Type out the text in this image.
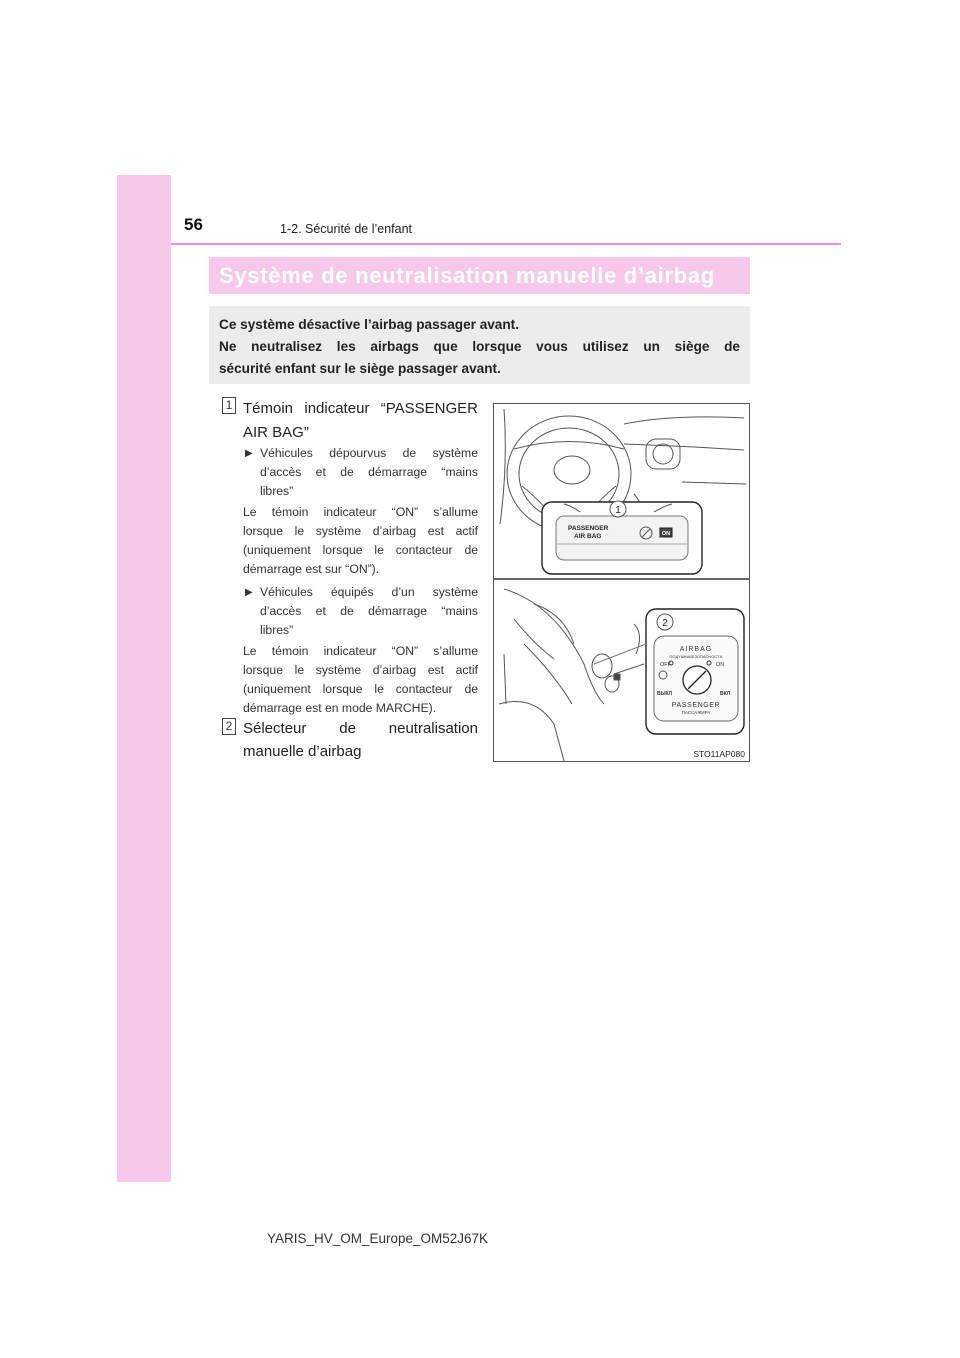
56	1-2. Sécurité de l’enfant
Système de neutralisation manuelle d’airbag
Ce système désactive l’airbag passager avant.
Ne neutralisez les airbags que lorsque vous utilisez un siège de
sécurité enfant sur le siège passager avant.
1 Témoin indicateur “PASSENGER
AIR BAG”
▶ Véhicules dépourvus de système
d’accès et de démarrage “mains
libres”
Le témoin indicateur “ON” s’allume
lorsque le système d’airbag est actif
(uniquement lorsque le contacteur de
démarrage est sur “ON”).
▶ Véhicules équipés d’un système
d’accès et de démarrage “mains
libres”
Le témoin indicateur “ON” s’allume
lorsque le système d’airbag est actif
(uniquement lorsque le contacteur de
démarrage est en mode MARCHE).
2 Sélecteur de neutralisation
manuelle d’airbag
1
2
PASSENGER
AIR BAG	ON
AIRBAG
ПОДУШКАБЕЗОПАСНОСТИ
OFF	ON
ВЫКЛ	ВКЛ
PASSENGER
ПАССАЖИРА
STO11AP080
YARIS_HV_OM_Europe_OM52J67K
